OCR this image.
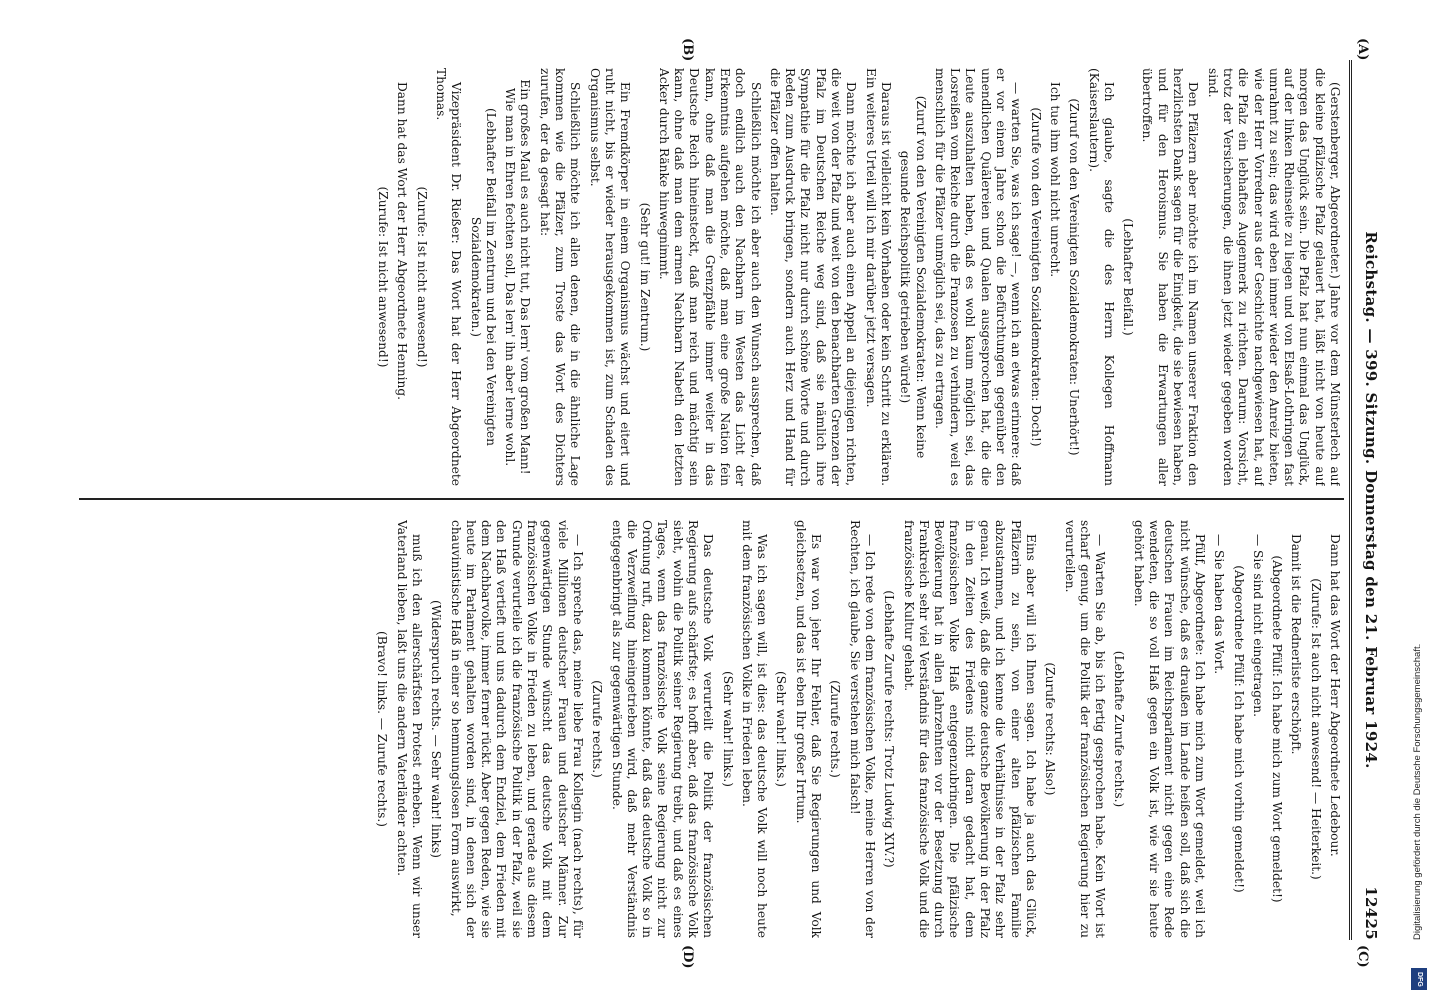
Reichstag. — 399. Sitzung. Donnerstag den 21. Februar 1924.
12425
(A)
(B)
(C)
(D)

(Gerstenberger, Abgeordneter.) Jahre vor dem Münsterlech auf die kleine pfälzische Pfalz gelauert hat, läßt nicht von heute auf morgen das Unglück sein. Die Pfalz hat nun einmal das Unglück, auf der linken Rheinseite zu liegen und von Elsaß-Lothringen fast umrahmt zu sein; das wird eben immer wieder den Anreiz bieten, wie der Herr Vorredner aus der Geschichte nachgewiesen hat, auf die Pfalz ein lebhaftes Augenmerk zu richten. Darum: Vorsicht, trotz der Versicherungen, die ihnen jetzt wieder gegeben worden sind.

Den Pfälzern aber möchte ich im Namen unserer Fraktion den herzlichsten Dank sagen für die Einigkeit, die sie bewiesen haben, und für den Heroismus. Sie haben die Erwartungen aller übertroffen.

(Lebhafter Beifall.)

Ich glaube, sagte die des Herrn Kollegen Hoffmann (Kaiserslautern).

(Zuruf von den Vereinigten Sozialdemokraten: Unerhört!)

Ich tue ihm wohl nicht unrecht.

(Zurufe von den Vereinigten Sozialdemokraten: Doch!)

— warten Sie, was ich sage! —, wenn ich an etwas erinnere: daß er vor einem Jahre schon die Befürchtungen gegenüber den unendlichen Quälereien und Qualen ausgesprochen hat, die die Leute auszuhalten haben, daß es wohl kaum möglich sei, das Losreißen vom Reiche durch die Franzosen zu verhindern, weil es menschlich für die Pfälzer unmöglich sei, das zu ertragen.

(Zuruf von den Vereinigten Sozialdemokraten: Wenn keine gesunde Reichspolitik getrieben würde!)

Daraus ist vielleicht kein Vorhaben oder kein Schritt zu erklären. Ein weiteres Urteil will ich mir darüber jetzt versagen.

Dann möchte ich aber auch einen Appell an diejenigen richten, die weit von der Pfalz und weit von den benachbarten Grenzen der Pfalz im Deutschen Reiche weg sind, daß sie nämlich ihre Sympathie für die Pfalz nicht nur durch schöne Worte und durch Reden zum Ausdruck bringen, sondern auch Herz und Hand für die Pfälzer offen halten.

Schließlich möchte ich aber auch den Wunsch aussprechen, daß doch endlich auch den Nachbarn im Westen das Licht der Erkenntnis aufgehen möchte, daß man eine große Nation fein kann, ohne daß man die Grenzpfähle immer weiter in das Deutsche Reich hineinsteckt, daß man reich und mächtig sein kann, ohne daß man dem armen Nachbarn Nabeth den letzten Acker durch Ränke hinwegnimmt.

(Sehr gut! im Zentrum.)

Ein Fremdkörper in einem Organismus wächst und eitert und ruht nicht, bis er wieder herausgekommen ist, zum Schaden des Organismus selbst.

Schließlich möchte ich allen denen, die in die ähnliche Lage kommen wie die Pfälzer, zum Troste das Wort des Dichters zurufen, der da gesagt hat:

Ein großes Maul es auch nicht tut, Das lern' vom großen Mann! Wie man in Ehren fechten soll, Das lern' ihn aber lerne wohl.

(Lebhafter Beifall im Zentrum und bei den Vereinigten Sozialdemokraten.)

Vizepräsident Dr. Rießer: Das Wort hat der Herr Abgeordnete Thomas.

(Zurufe: Ist nicht anwesend!)

Dann hat das Wort der Herr Abgeordnete Henning.

(Zurufe: Ist nicht anwesend!)

Dann hat das Wort der Herr Abgeordnete Ledebour.

(Zurufe: Ist auch nicht anwesend! — Heiterkeit.)

Damit ist die Rednerliste erschöpft.

(Abgeordnete Pfülf: Ich habe mich zum Wort gemeldet!)

— Sie sind nicht eingetragen.

(Abgeordnete Pfülf: Ich habe mich vorhin gemeldet!)

— Sie haben das Wort.

Pfülf, Abgeordnete: Ich habe mich zum Wort gemeldet, weil ich nicht wünsche, daß es draußen im Lande heißen soll, daß sich die deutschen Frauen im Reichsparlament nicht gegen eine Rede wendeten, die so voll Haß gegen ein Volk ist, wie wir sie heute gehört haben.

(Lebhafte Zurufe rechts.)

— Warten Sie ab, bis ich fertig gesprochen habe. Kein Wort ist scharf genug, um die Politik der französischen Regierung hier zu verurteilen.

(Zurufe rechts: Also!)

Eins aber will ich Ihnen sagen. Ich habe ja auch das Glück, Pfälzerin zu sein, von einer alten pfälzischen Familie abzustammen, und ich kenne die Verhältnisse in der Pfalz sehr genau. Ich weiß, daß die ganze deutsche Bevölkerung in der Pfalz in den Zeiten des Friedens nicht daran gedacht hat, dem französischen Volke Haß entgegenzubringen. Die pfälzische Bevölkerung hat in allen Jahrzehnten vor der Besetzung durch Frankreich sehr viel Verständnis für das französische Volk und die französische Kultur gehabt.

(Lebhafte Zurufe rechts: Trotz Ludwig XIV.?)

— Ich rede von dem französischen Volke, meine Herren von der Rechten, ich glaube, Sie verstehen mich falsch!

(Zurufe rechts.)

Es war von jeher Ihr Fehler, daß Sie Regierungen und Volk gleichsetzen, und das ist eben Ihr großer Irrtum.

(Sehr wahr! links.)

Was ich sagen will, ist dies: das deutsche Volk will noch heute mit dem französischen Volke in Frieden leben.

(Sehr wahr! links.)

Das deutsche Volk verurteilt die Politik der französischen Regierung aufs schärfste; es hofft aber, daß das französische Volk sieht, wohin die Politik seiner Regierung treibt, und daß es eines Tages, wenn das französische Volk seine Regierung nicht zur Ordnung ruft, dazu kommen könnte, daß das deutsche Volk so in die Verzweiflung hineingetrieben wird, daß mehr Verständnis entgegenbringt als zur gegenwärtigen Stunde.

(Zurufe rechts.)

— Ich spreche das, meine liebe Frau Kollegin (nach rechts), für viele Millionen deutscher Frauen und deutscher Männer. Zur gegenwärtigen Stunde wünscht das deutsche Volk mit dem französischen Volke in Frieden zu leben, und gerade aus diesem Grunde verurteile ich die französische Politik in der Pfalz, weil sie den Haß vertieft und uns dadurch dem Endziel, dem Frieden mit dem Nachbarvolke, immer ferner rückt. Aber gegen Reden, wie sie heute im Parlament gehalten worden sind, in denen sich der chauvinistische Haß in einer so hemmungslosen Form auswirkt,

(Widerspruch rechts. — Sehr wahr! links)

muß ich den allerschärfsten Protest erheben. Wenn wir unser Vaterland lieben, laßt uns die andern Vaterländer achten.

(Bravo! links. — Zurufe rechts.)	Digitalisierung gefördert durch die Deutsche Forschungsgemeinschaft.
DFG
